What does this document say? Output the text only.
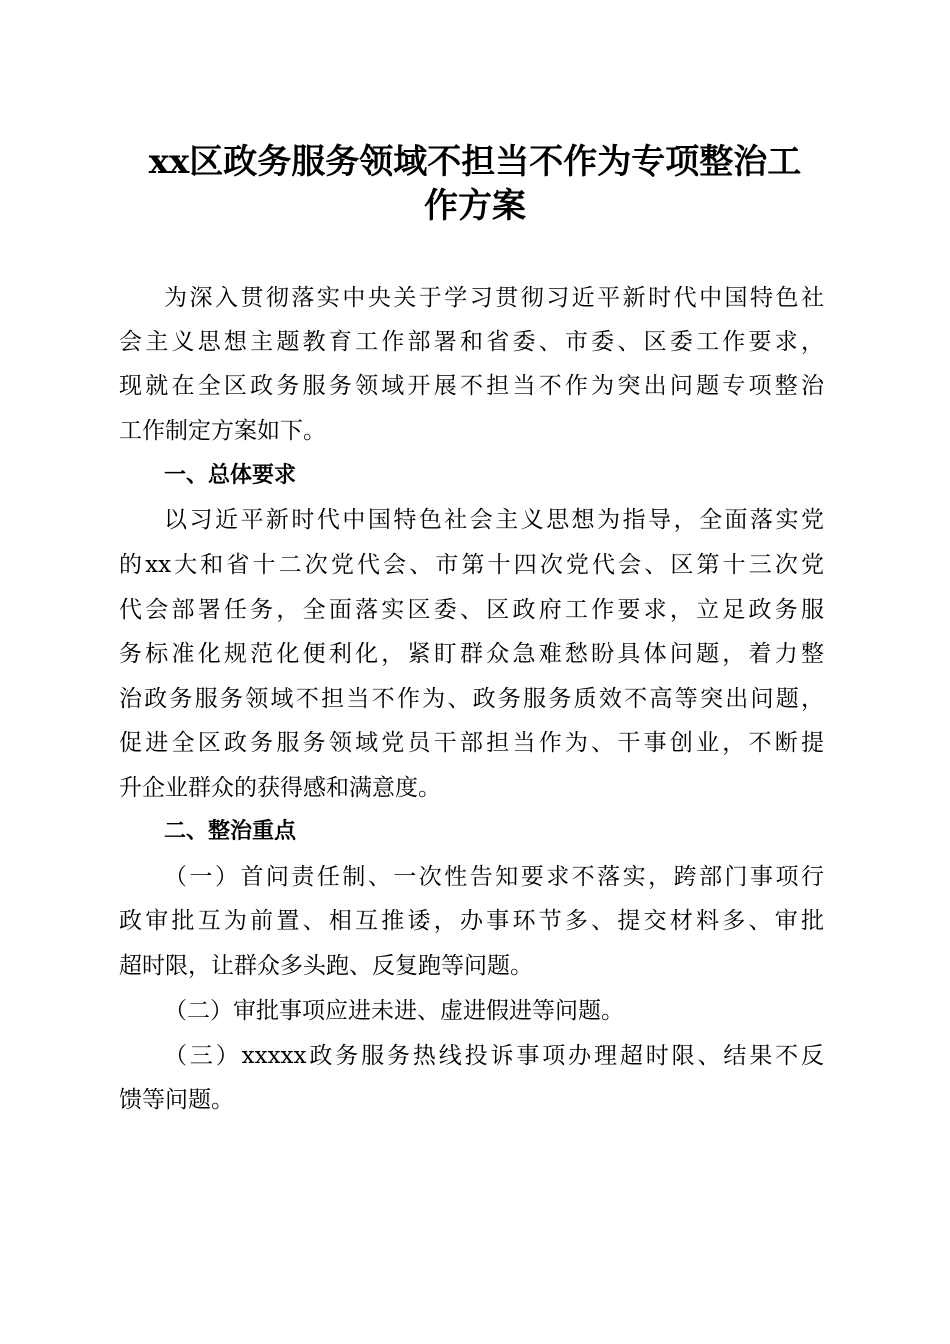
xx区政务服务领域不担当不作为专项整治工
作方案

为深入贯彻落实中央关于学习贯彻习近平新时代中国特色社

会主义思想主题教育工作部署和省委、市委、区委工作要求，

现就在全区政务服务领域开展不担当不作为突出问题专项整治

工作制定方案如下。

一、总体要求

以习近平新时代中国特色社会主义思想为指导，全面落实党

的xx大和省十二次党代会、市第十四次党代会、区第十三次党

代会部署任务，全面落实区委、区政府工作要求，立足政务服

务标准化规范化便利化，紧盯群众急难愁盼具体问题，着力整

治政务服务领域不担当不作为、政务服务质效不高等突出问题，

促进全区政务服务领域党员干部担当作为、干事创业，不断提

升企业群众的获得感和满意度。

二、整治重点

（一）首问责任制、一次性告知要求不落实，跨部门事项行

政审批互为前置、相互推诿，办事环节多、提交材料多、审批

超时限，让群众多头跑、反复跑等问题。

（二）审批事项应进未进、虚进假进等问题。

（三）xxxxx政务服务热线投诉事项办理超时限、结果不反

馈等问题。
